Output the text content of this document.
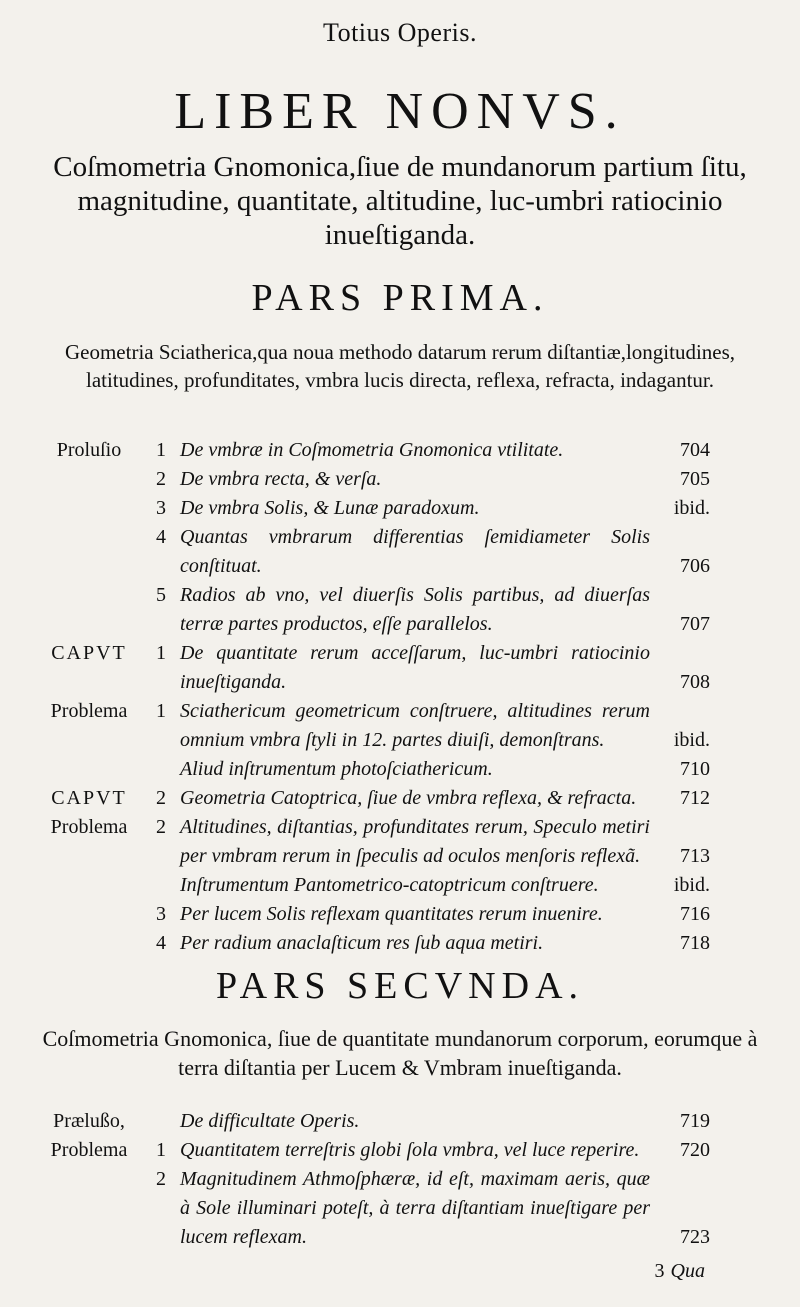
Totius Operis.
LIBER NONVS.
Coſmometria Gnomonica,ſiue de mundanorum partium ſitu, magnitudine, quantitate, altitudine, luc-umbri ratiocinio inueſtiganda.
PARS PRIMA.
Geometria Sciatherica,qua noua methodo datarum rerum diſtantiæ,longitudines, latitudines, profunditates, vmbra lucis directa, reflexa, refracta, indagantur.
Proluſio	1 De vmbræ in Coſmometria Gnomonica vtilitate.	704
2 De vmbra recta, & verſa.	705
3 De vmbra Solis, & Lunæ paradoxum.	ibid.
4 Quantas vmbrarum differentias ſemidiameter Solis conſtituat.	706
5 Radios ab vno, vel diuerſis Solis partibus, ad diuerſas terræ partes productos, eſſe parallelos.	707
CAPVT	1 De quantitate rerum acceſſarum, luc-umbri ratiocinio inueſtiganda.	708
Problema	1 Sciathericum geometricum conſtruere, altitudines rerum omnium vmbra ſtyli in 12. partes diuiſi, demonſtrans.	ibid.
Aliud inſtrumentum photoſciathericum.	710
CAPVT	2 Geometria Catoptrica, ſiue de vmbra reflexa, & refracta.	712
Problema	2 Altitudines, diſtantias, profunditates rerum, Speculo metiri per vmbram rerum in ſpeculis ad oculos menſoris reflexã.	713
Inſtrumentum Pantometrico-catoptricum conſtruere.	ibid.
3 Per lucem Solis reflexam quantitates rerum inuenire.	716
4 Per radium anaclaſticum res ſub aqua metiri.	718
PARS SECVNDA.
Coſmometria Gnomonica, ſiue de quantitate mundanorum corporum, eorumque à terra diſtantia per Lucem & Vmbram inueſtiganda.
Prælußo,	De difficultate Operis.	719
Problema	1 Quantitatem terreſtris globi ſola vmbra, vel luce reperire.	720
2 Magnitudinem Athmoſphæræ, id eſt, maximam aeris, quæ à Sole illuminari poteſt, à terra diſtantiam inueſtigare per lucem reflexam.	723
3 Qua
